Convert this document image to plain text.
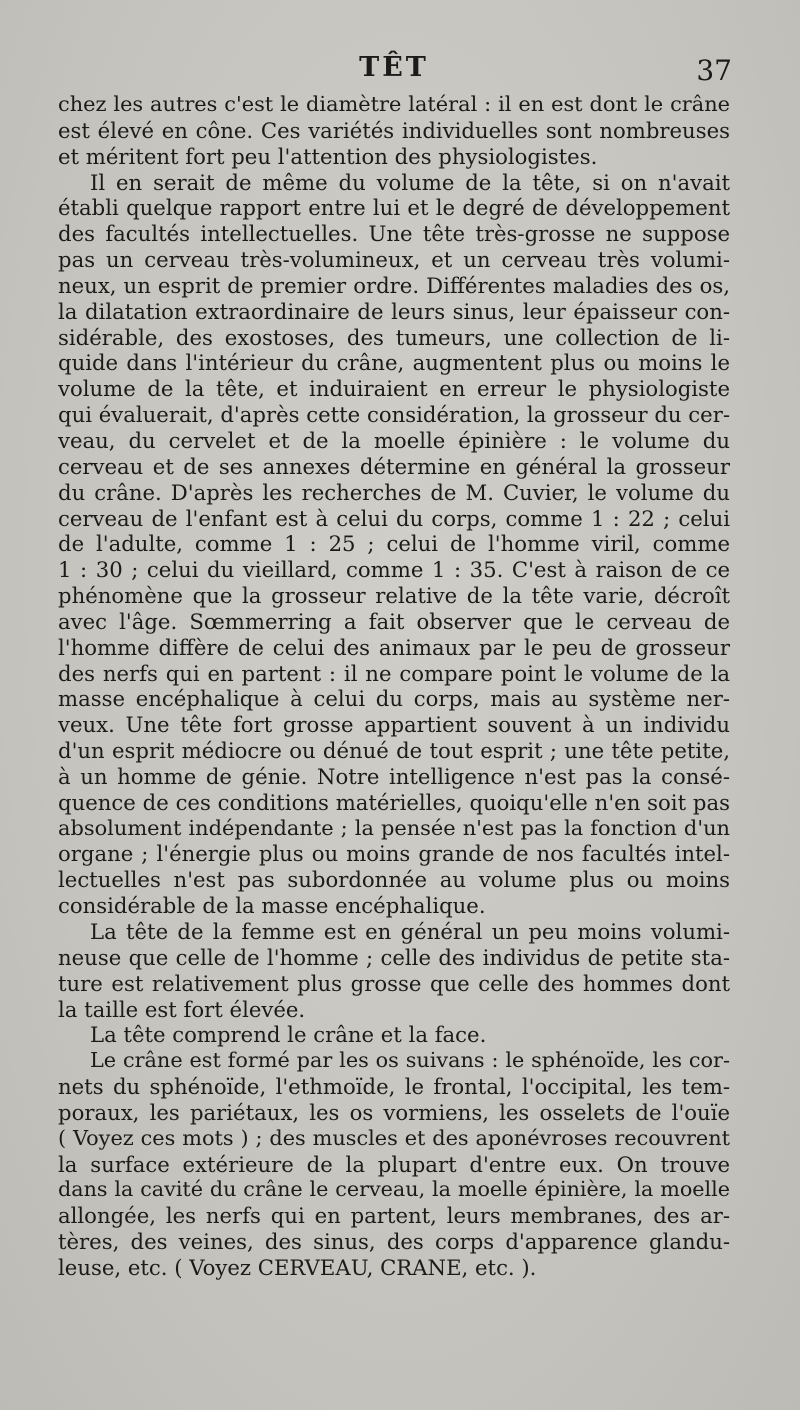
TÊT	37
chez les autres c'est le diamètre latéral : il en est dont le crâne
est élevé en cône. Ces variétés individuelles sont nombreuses
et méritent fort peu l'attention des physiologistes.
Il en serait de même du volume de la tête, si on n'avait
établi quelque rapport entre lui et le degré de développement
des facultés intellectuelles. Une tête très-grosse ne suppose
pas un cerveau très-volumineux, et un cerveau très volumi-
neux, un esprit de premier ordre. Différentes maladies des os,
la dilatation extraordinaire de leurs sinus, leur épaisseur con-
sidérable, des exostoses, des tumeurs, une collection de li-
quide dans l'intérieur du crâne, augmentent plus ou moins le
volume de la tête, et induiraient en erreur le physiologiste
qui évaluerait, d'après cette considération, la grosseur du cer-
veau, du cervelet et de la moelle épinière : le volume du
cerveau et de ses annexes détermine en général la grosseur
du crâne. D'après les recherches de M. Cuvier, le volume du
cerveau de l'enfant est à celui du corps, comme 1 : 22 ; celui
de l'adulte, comme 1 : 25 ; celui de l'homme viril, comme
1 : 30 ; celui du vieillard, comme 1 : 35. C'est à raison de ce
phénomène que la grosseur relative de la tête varie, décroît
avec l'âge. Sœmmerring a fait observer que le cerveau de
l'homme diffère de celui des animaux par le peu de grosseur
des nerfs qui en partent : il ne compare point le volume de la
masse encéphalique à celui du corps, mais au système ner-
veux. Une tête fort grosse appartient souvent à un individu
d'un esprit médiocre ou dénué de tout esprit ; une tête petite,
à un homme de génie. Notre intelligence n'est pas la consé-
quence de ces conditions matérielles, quoiqu'elle n'en soit pas
absolument indépendante ; la pensée n'est pas la fonction d'un
organe ; l'énergie plus ou moins grande de nos facultés intel-
lectuelles n'est pas subordonnée au volume plus ou moins
considérable de la masse encéphalique.
La tête de la femme est en général un peu moins volumi-
neuse que celle de l'homme ; celle des individus de petite sta-
ture est relativement plus grosse que celle des hommes dont
la taille est fort élevée.
La tête comprend le crâne et la face.
Le crâne est formé par les os suivans : le sphénoïde, les cor-
nets du sphénoïde, l'ethmoïde, le frontal, l'occipital, les tem-
poraux, les pariétaux, les os vormiens, les osselets de l'ouïe
( Voyez ces mots ) ; des muscles et des aponévroses recouvrent
la surface extérieure de la plupart d'entre eux. On trouve
dans la cavité du crâne le cerveau, la moelle épinière, la moelle
allongée, les nerfs qui en partent, leurs membranes, des ar-
tères, des veines, des sinus, des corps d'apparence glandu-
leuse, etc. ( Voyez CERVEAU, CRANE, etc. ).
